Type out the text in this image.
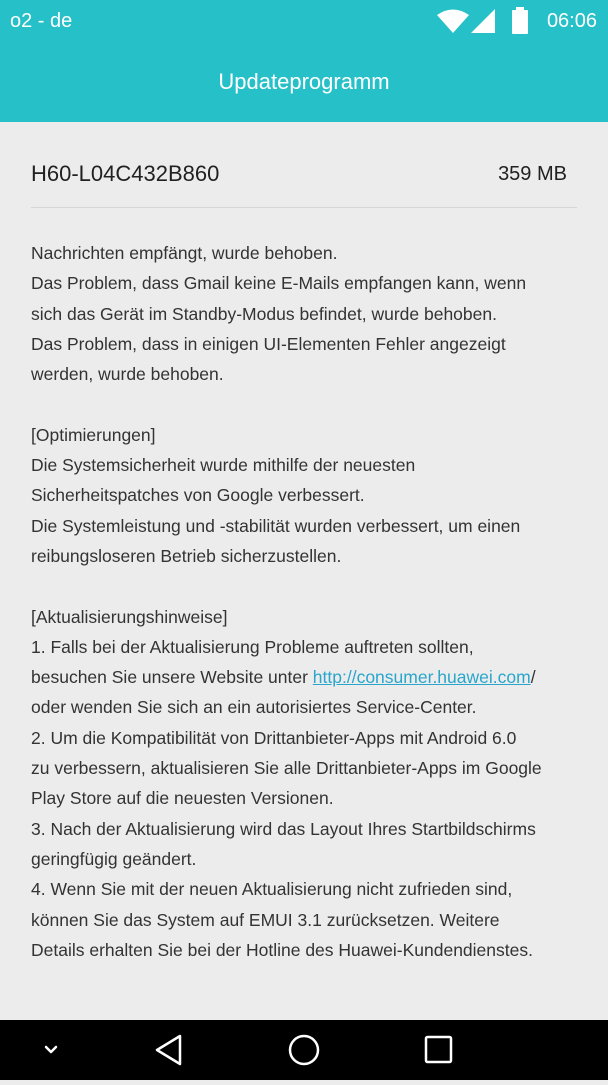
o2 - de	06:06
Updateprogramm
H60-L04C432B860	359 MB
Nachrichten empfängt, wurde behoben.
Das Problem, dass Gmail keine E-Mails empfangen kann, wenn
sich das Gerät im Standby-Modus befindet, wurde behoben.
Das Problem, dass in einigen UI-Elementen Fehler angezeigt
werden, wurde behoben.
[Optimierungen]
Die Systemsicherheit wurde mithilfe der neuesten
Sicherheitspatches von Google verbessert.
Die Systemleistung und -stabilität wurden verbessert, um einen
reibungsloseren Betrieb sicherzustellen.
[Aktualisierungshinweise]
1. Falls bei der Aktualisierung Probleme auftreten sollten,
besuchen Sie unsere Website unter http://consumer.huawei.com/
oder wenden Sie sich an ein autorisiertes Service-Center.
2. Um die Kompatibilität von Drittanbieter-Apps mit Android 6.0
zu verbessern, aktualisieren Sie alle Drittanbieter-Apps im Google
Play Store auf die neuesten Versionen.
3. Nach der Aktualisierung wird das Layout Ihres Startbildschirms
geringfügig geändert.
4. Wenn Sie mit der neuen Aktualisierung nicht zufrieden sind,
können Sie das System auf EMUI 3.1 zurücksetzen. Weitere
Details erhalten Sie bei der Hotline des Huawei-Kundendienstes.
